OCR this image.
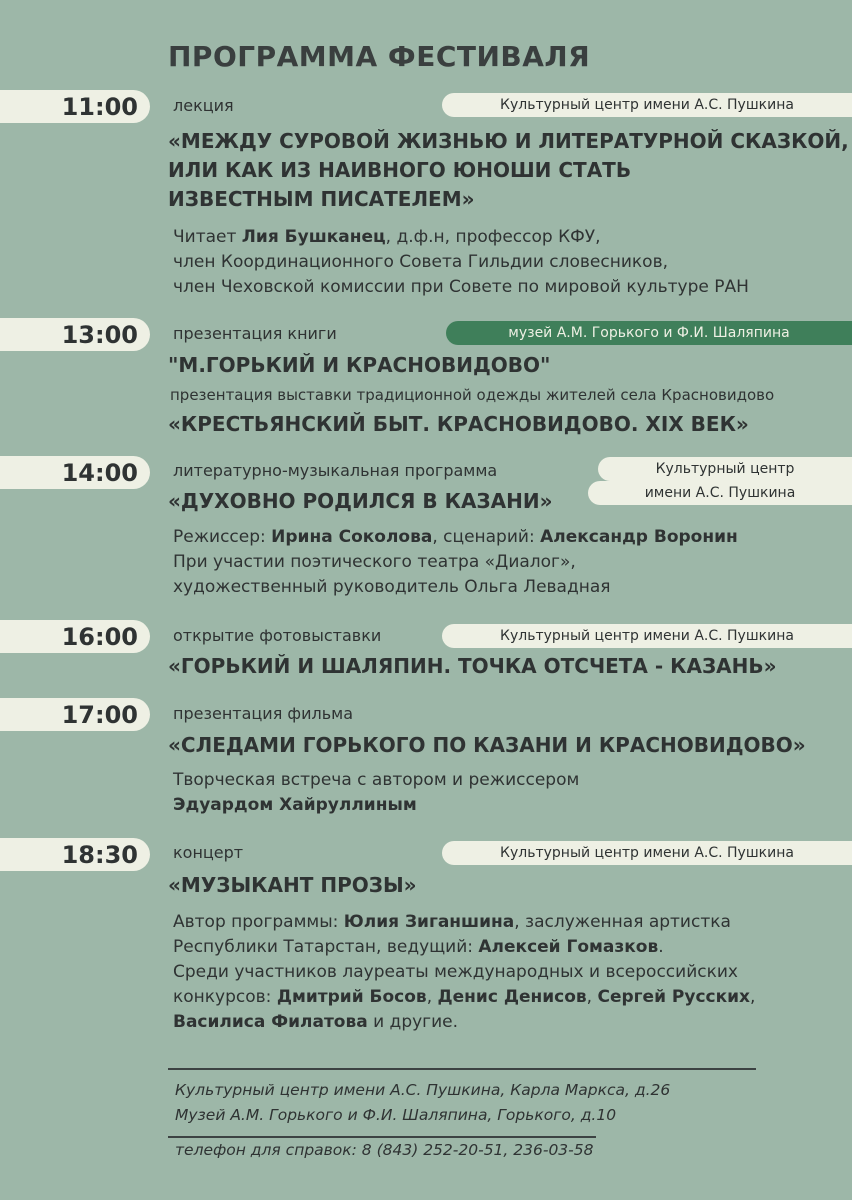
ПРОГРАММА ФЕСТИВАЛЯ
11:00	лекция	Культурный центр имени А.С. Пушкина
«МЕЖДУ СУРОВОЙ ЖИЗНЬЮ И ЛИТЕРАТУРНОЙ СКАЗКОЙ,
ИЛИ КАК ИЗ НАИВНОГО ЮНОШИ СТАТЬ
ИЗВЕСТНЫМ ПИСАТЕЛЕМ»
Читает Лия Бушканец, д.ф.н, профессор КФУ,
член Координационного Совета Гильдии словесников,
член Чеховской комиссии при Совете по мировой культуре РАН
13:00	презентация книги	музей А.М. Горького и Ф.И. Шаляпина
"М.ГОРЬКИЙ И КРАСНОВИДОВО"
презентация выставки традиционной одежды жителей села Красновидово
«КРЕСТЬЯНСКИЙ БЫТ. КРАСНОВИДОВО. XIX ВЕК»
14:00	литературно-музыкальная программа	Культурный центр
имени А.С. Пушкина
«ДУХОВНО РОДИЛСЯ В КАЗАНИ»
Режиссер: Ирина Соколова, сценарий: Александр Воронин
При участии поэтического театра «Диалог»,
художественный руководитель Ольга Левадная
16:00	открытие фотовыставки	Культурный центр имени А.С. Пушкина
«ГОРЬКИЙ И ШАЛЯПИН. ТОЧКА ОТСЧЕТА - КАЗАНЬ»
17:00	презентация фильма
«СЛЕДАМИ ГОРЬКОГО ПО КАЗАНИ И КРАСНОВИДОВО»
Творческая встреча с автором и режиссером
Эдуардом Хайруллиным
18:30	концерт	Культурный центр имени А.С. Пушкина
«МУЗЫКАНТ ПРОЗЫ»
Автор программы: Юлия Зиганшина, заслуженная артистка
Республики Татарстан, ведущий: Алексей Гомазков.
Среди участников лауреаты международных и всероссийских
конкурсов: Дмитрий Босов, Денис Денисов, Сергей Русских,
Василиса Филатова и другие.
Культурный центр имени А.С. Пушкина, Карла Маркса, д.26
Музей А.М. Горького и Ф.И. Шаляпина, Горького, д.10
телефон для справок: 8 (843) 252-20-51, 236-03-58
